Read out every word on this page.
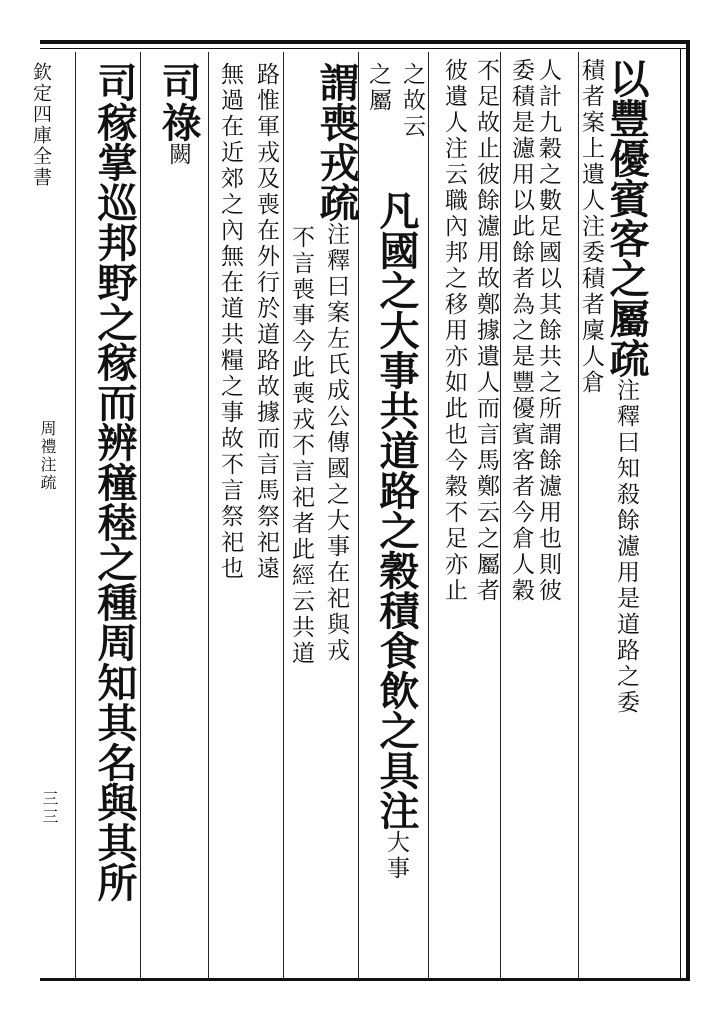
欽定四庫全書
周禮注疏
三三
以豐優賓客之屬疏注釋曰知殺餘濾用是道路之委
積者案上遺人注委積者廩人倉
人計九穀之數足國以其餘共之所謂餘濾用也則彼
委積是濾用以此餘者為之是豐優賓客者今倉人穀
不足故止彼餘濾用故鄭據遺人而言馬鄭云之屬者
彼遺人注云職內邦之移用亦如此也今穀不足亦止
之故云
之屬
凡國之大事共道路之穀積食飲之具注大事
謂喪戎疏注釋曰案左氏成公傳國之大事在祀與戎
不言喪事今此喪戎不言祀者此經云共道
路惟軍戎及喪在外行於道路故據而言馬祭祀遠
無過在近郊之內無在道共糧之事故不言祭祀也
司祿闕
司稼掌巡邦野之稼而辨穜稑之種周知其名與其所
